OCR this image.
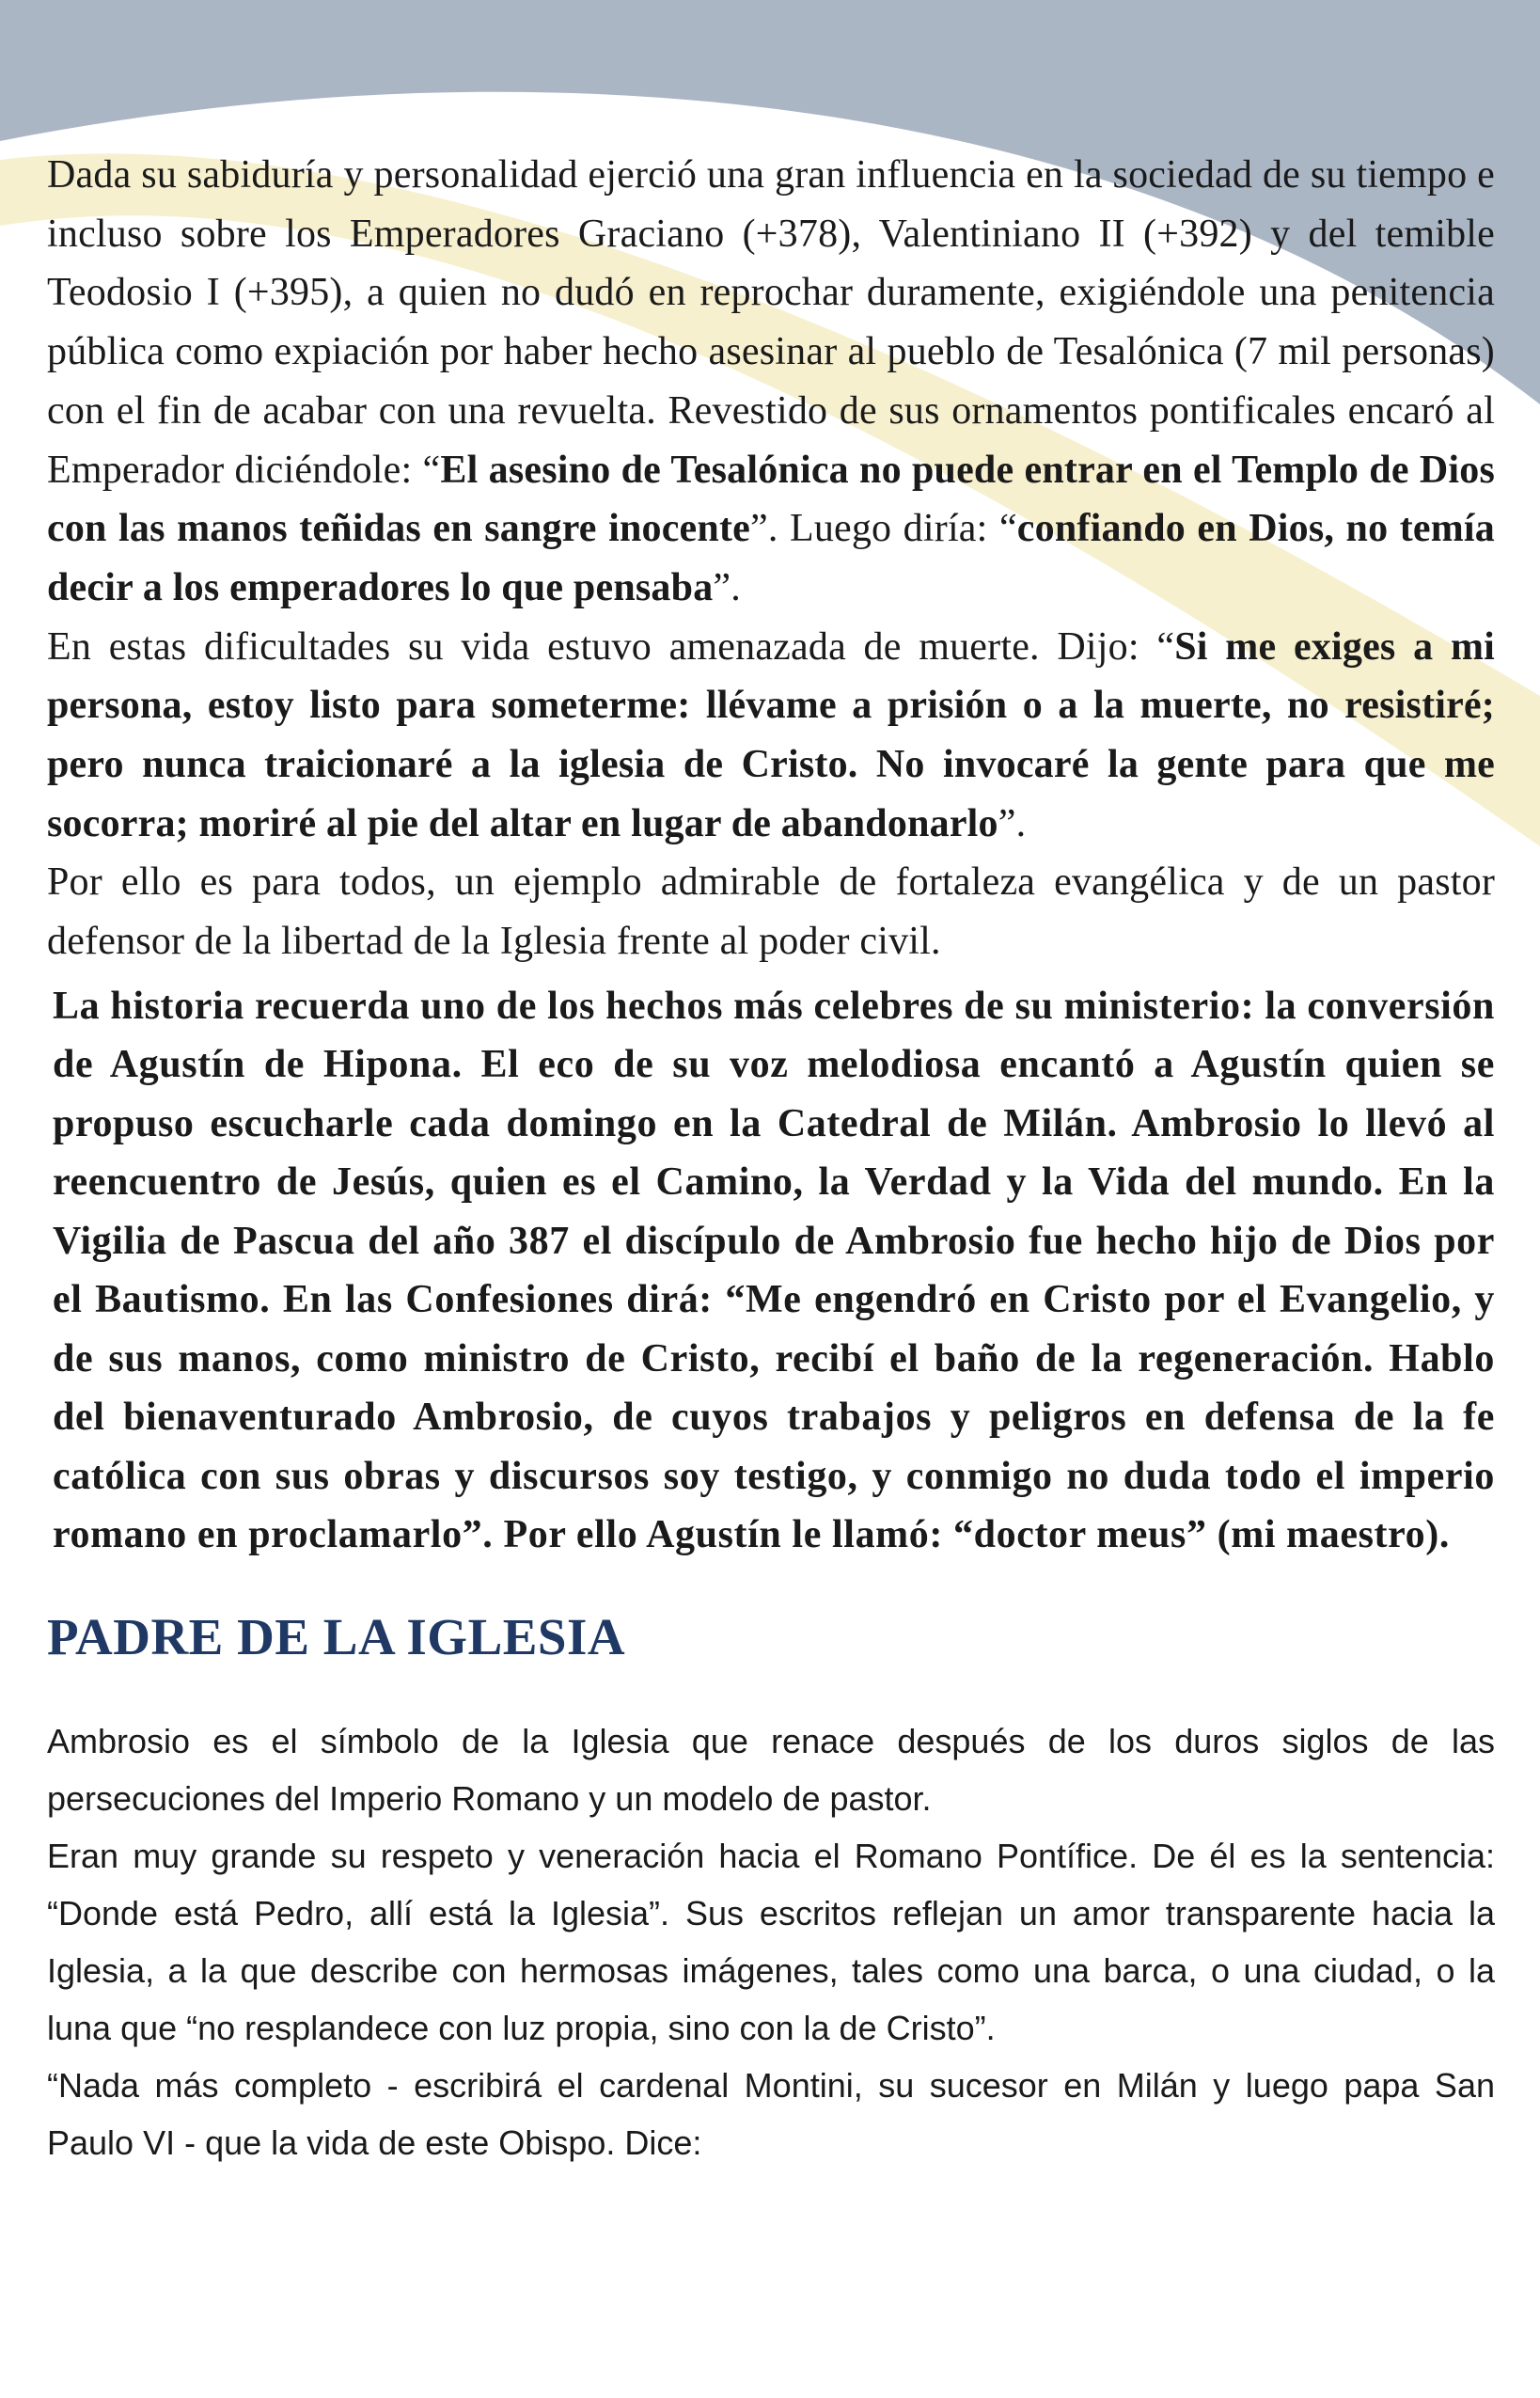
Dada su sabiduría y personalidad ejerció una gran influencia en la sociedad de su tiempo e incluso sobre los Emperadores Graciano (+378), Valentiniano II (+392) y del temible Teodosio I (+395), a quien no dudó en reprochar duramente, exigiéndole una penitencia pública como expiación por haber hecho asesinar al pueblo de Tesalónica (7 mil personas) con el fin de acabar con una revuelta. Revestido de sus ornamentos pontificales encaró al Emperador diciéndole: “El asesino de Tesalónica no puede entrar en el Templo de Dios con las manos teñidas en sangre inocente”. Luego diría: “confiando en Dios, no temía decir a los emperadores lo que pensaba”.

En estas dificultades su vida estuvo amenazada de muerte. Dijo: “Si me exiges a mi persona, estoy listo para someterme: llévame a prisión o a la muerte, no resistiré; pero nunca traicionaré a la iglesia de Cristo. No invocaré la gente para que me socorra; moriré al pie del altar en lugar de abandonarlo”.

Por ello es para todos, un ejemplo admirable de fortaleza evangélica y de un pastor defensor de la libertad de la Iglesia frente al poder civil.

La historia recuerda uno de los hechos más celebres de su ministerio: la conversión de Agustín de Hipona. El eco de su voz melodiosa encantó a Agustín quien se propuso escucharle cada domingo en la Catedral de Milán. Ambrosio lo llevó al reencuentro de Jesús, quien es el Camino, la Verdad y la Vida del mundo. En la Vigilia de Pascua del año 387 el discípulo de Ambrosio fue hecho hijo de Dios por el Bautismo. En las Confesiones dirá: “Me engendró en Cristo por el Evangelio, y de sus manos, como ministro de Cristo, recibí el baño de la regeneración. Hablo del bienaventurado Ambrosio, de cuyos trabajos y peligros en defensa de la fe católica con sus obras y discursos soy testigo, y conmigo no duda todo el imperio romano en proclamarlo”. Por ello Agustín le llamó: “doctor meus” (mi maestro).

PADRE DE LA IGLESIA

Ambrosio es el símbolo de la Iglesia que renace después de los duros siglos de las persecuciones del Imperio Romano y un modelo de pastor.

Eran muy grande su respeto y veneración hacia el Romano Pontífice. De él es la sentencia: “Donde está Pedro, allí está la Iglesia”. Sus escritos reflejan un amor transparente hacia la Iglesia, a la que describe con hermosas imágenes, tales como una barca, o una ciudad, o la luna que “no resplandece con luz propia, sino con la de Cristo”.

“Nada más completo - escribirá el cardenal Montini, su sucesor en Milán y luego papa San Paulo VI - que la vida de este Obispo. Dice:
